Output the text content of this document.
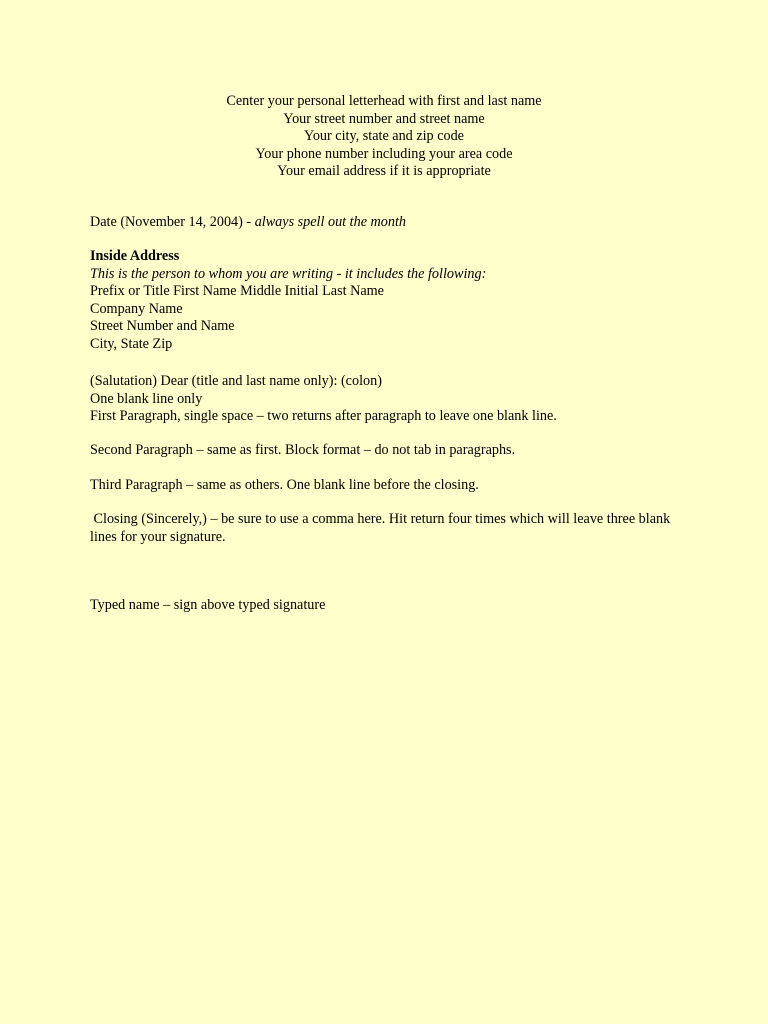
Center your personal letterhead with first and last name
Your street number and street name
Your city, state and zip code
Your phone number including your area code
Your email address if it is appropriate
Date (November 14, 2004) - always spell out the month
Inside Address
This is the person to whom you are writing - it includes the following:
Prefix or Title First Name Middle Initial Last Name
Company Name
Street Number and Name
City, State Zip
(Salutation) Dear (title and last name only): (colon)
One blank line only
First Paragraph, single space – two returns after paragraph to leave one blank line.
Second Paragraph – same as first. Block format – do not tab in paragraphs.
Third Paragraph – same as others. One blank line before the closing.
Closing (Sincerely,) – be sure to use a comma here. Hit return four times which will leave three blank lines for your signature.
Typed name – sign above typed signature
